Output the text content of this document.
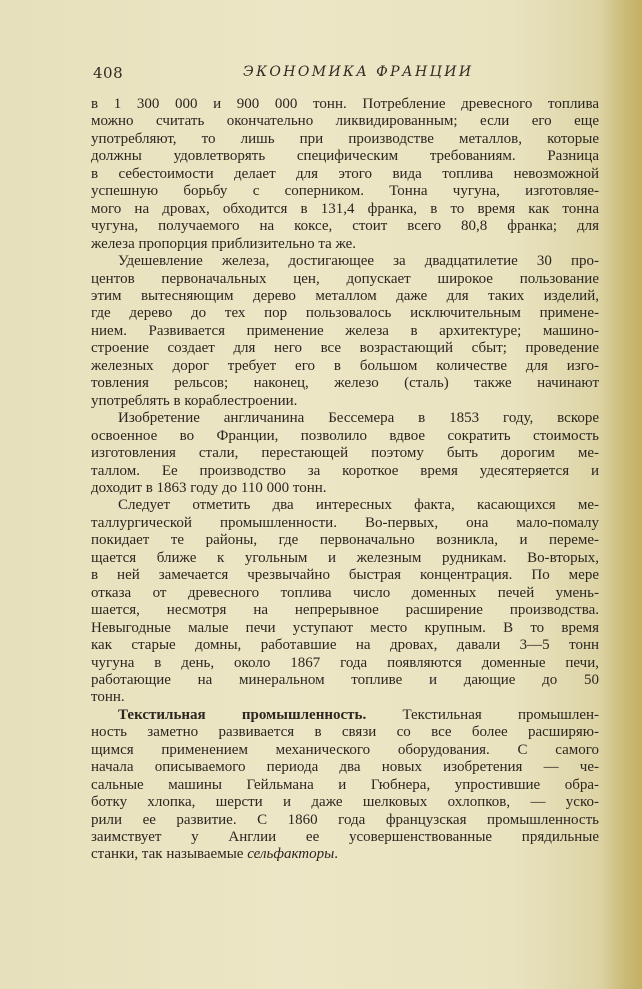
408	ЭКОНОМИКА ФРАНЦИИ
в 1 300 000 и 900 000 тонн. Потребление древесного топлива
можно считать окончательно ликвидированным; если его еще
употребляют, то лишь при производстве металлов, которые
должны удовлетворять специфическим требованиям. Разница
в себестоимости делает для этого вида топлива невозможной
успешную борьбу с соперником. Тонна чугуна, изготовляе-
мого на дровах, обходится в 131,4 франка, в то время как тонна
чугуна, получаемого на коксе, стоит всего 80,8 франка; для
железа пропорция приблизительно та же.
Удешевление железа, достигающее за двадцатилетие 30 про-
центов первоначальных цен, допускает широкое пользование
этим вытесняющим дерево металлом даже для таких изделий,
где дерево до тех пор пользовалось исключительным примене-
нием. Развивается применение железа в архитектуре; машино-
строение создает для него все возрастающий сбыт; проведение
железных дорог требует его в большом количестве для изго-
товления рельсов; наконец, железо (сталь) также начинают
употреблять в кораблестроении.
Изобретение англичанина Бессемера в 1853 году, вскоре
освоенное во Франции, позволило вдвое сократить стоимость
изготовления стали, перестающей поэтому быть дорогим ме-
таллом. Ее производство за короткое время удесятеряется и
доходит в 1863 году до 110 000 тонн.
Следует отметить два интересных факта, касающихся ме-
таллургической промышленности. Во-первых, она мало-помалу
покидает те районы, где первоначально возникла, и переме-
щается ближе к угольным и железным рудникам. Во-вторых,
в ней замечается чрезвычайно быстрая концентрация. По мере
отказа от древесного топлива число доменных печей умень-
шается, несмотря на непрерывное расширение производства.
Невыгодные малые печи уступают место крупным. В то время
как старые домны, работавшие на дровах, давали 3—5 тонн
чугуна в день, около 1867 года появляются доменные печи,
работающие на минеральном топливе и дающие до 50
тонн.
Текстильная промышленность. Текстильная промышлен-
ность заметно развивается в связи со все более расширяю-
щимся применением механического оборудования. С самого
начала описываемого периода два новых изобретения — че-
сальные машины Гейльмана и Гюбнера, упростившие обра-
ботку хлопка, шерсти и даже шелковых охлопков, — уско-
рили ее развитие. С 1860 года французская промышленность
заимствует у Англии ее усовершенствованные прядильные
станки, так называемые сельфакторы.
